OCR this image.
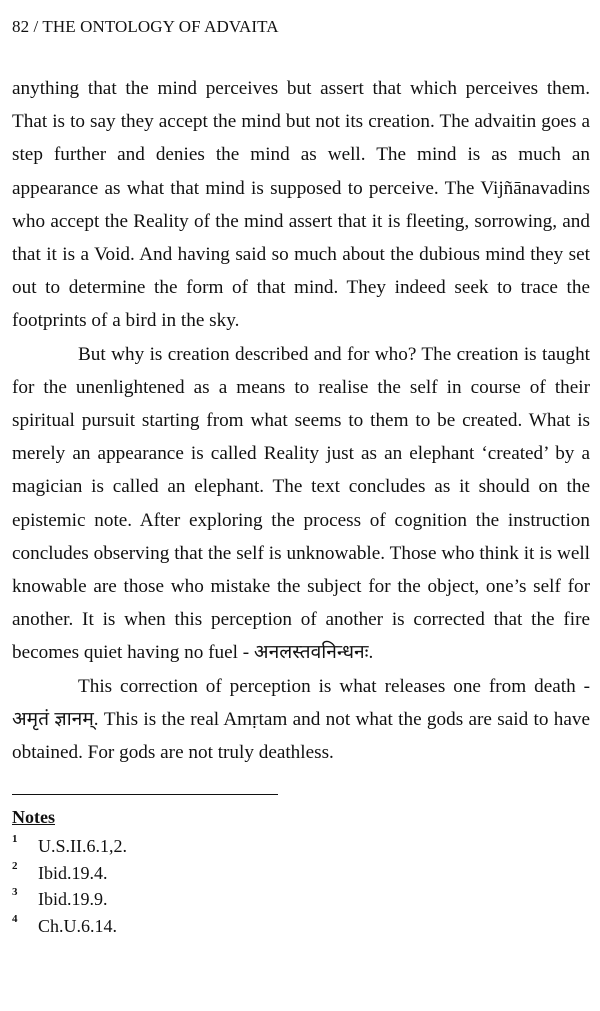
82 / THE ONTOLOGY OF ADVAITA

anything that the mind perceives but assert that which perceives them. That is to say they accept the mind but not its creation. The advaitin goes a step further and denies the mind as well. The mind is as much an appearance as what that mind is supposed to perceive. The Vijñānavadins who accept the Reality of the mind assert that it is fleeting, sorrowing, and that it is a Void. And having said so much about the dubious mind they set out to determine the form of that mind. They indeed seek to trace the footprints of a bird in the sky.

But why is creation described and for who? The creation is taught for the unenlightened as a means to realise the self in course of their spiritual pursuit starting from what seems to them to be created. What is merely an appearance is called Reality just as an elephant ‘created’ by a magician is called an elephant. The text concludes as it should on the epistemic note. After exploring the process of cognition the instruction concludes observing that the self is unknowable. Those who think it is well knowable are those who mistake the subject for the object, one’s self for another. It is when this perception of another is corrected that the fire becomes quiet having no fuel - अनलस्तवनिन्धनः.

This correction of perception is what releases one from death - अमृतं ज्ञानम्. This is the real Amṛtam and not what the gods are said to have obtained. For gods are not truly deathless.

Notes
1 U.S.II.6.1,2.
2 Ibid.19.4.
3 Ibid.19.9.
4 Ch.U.6.14.
